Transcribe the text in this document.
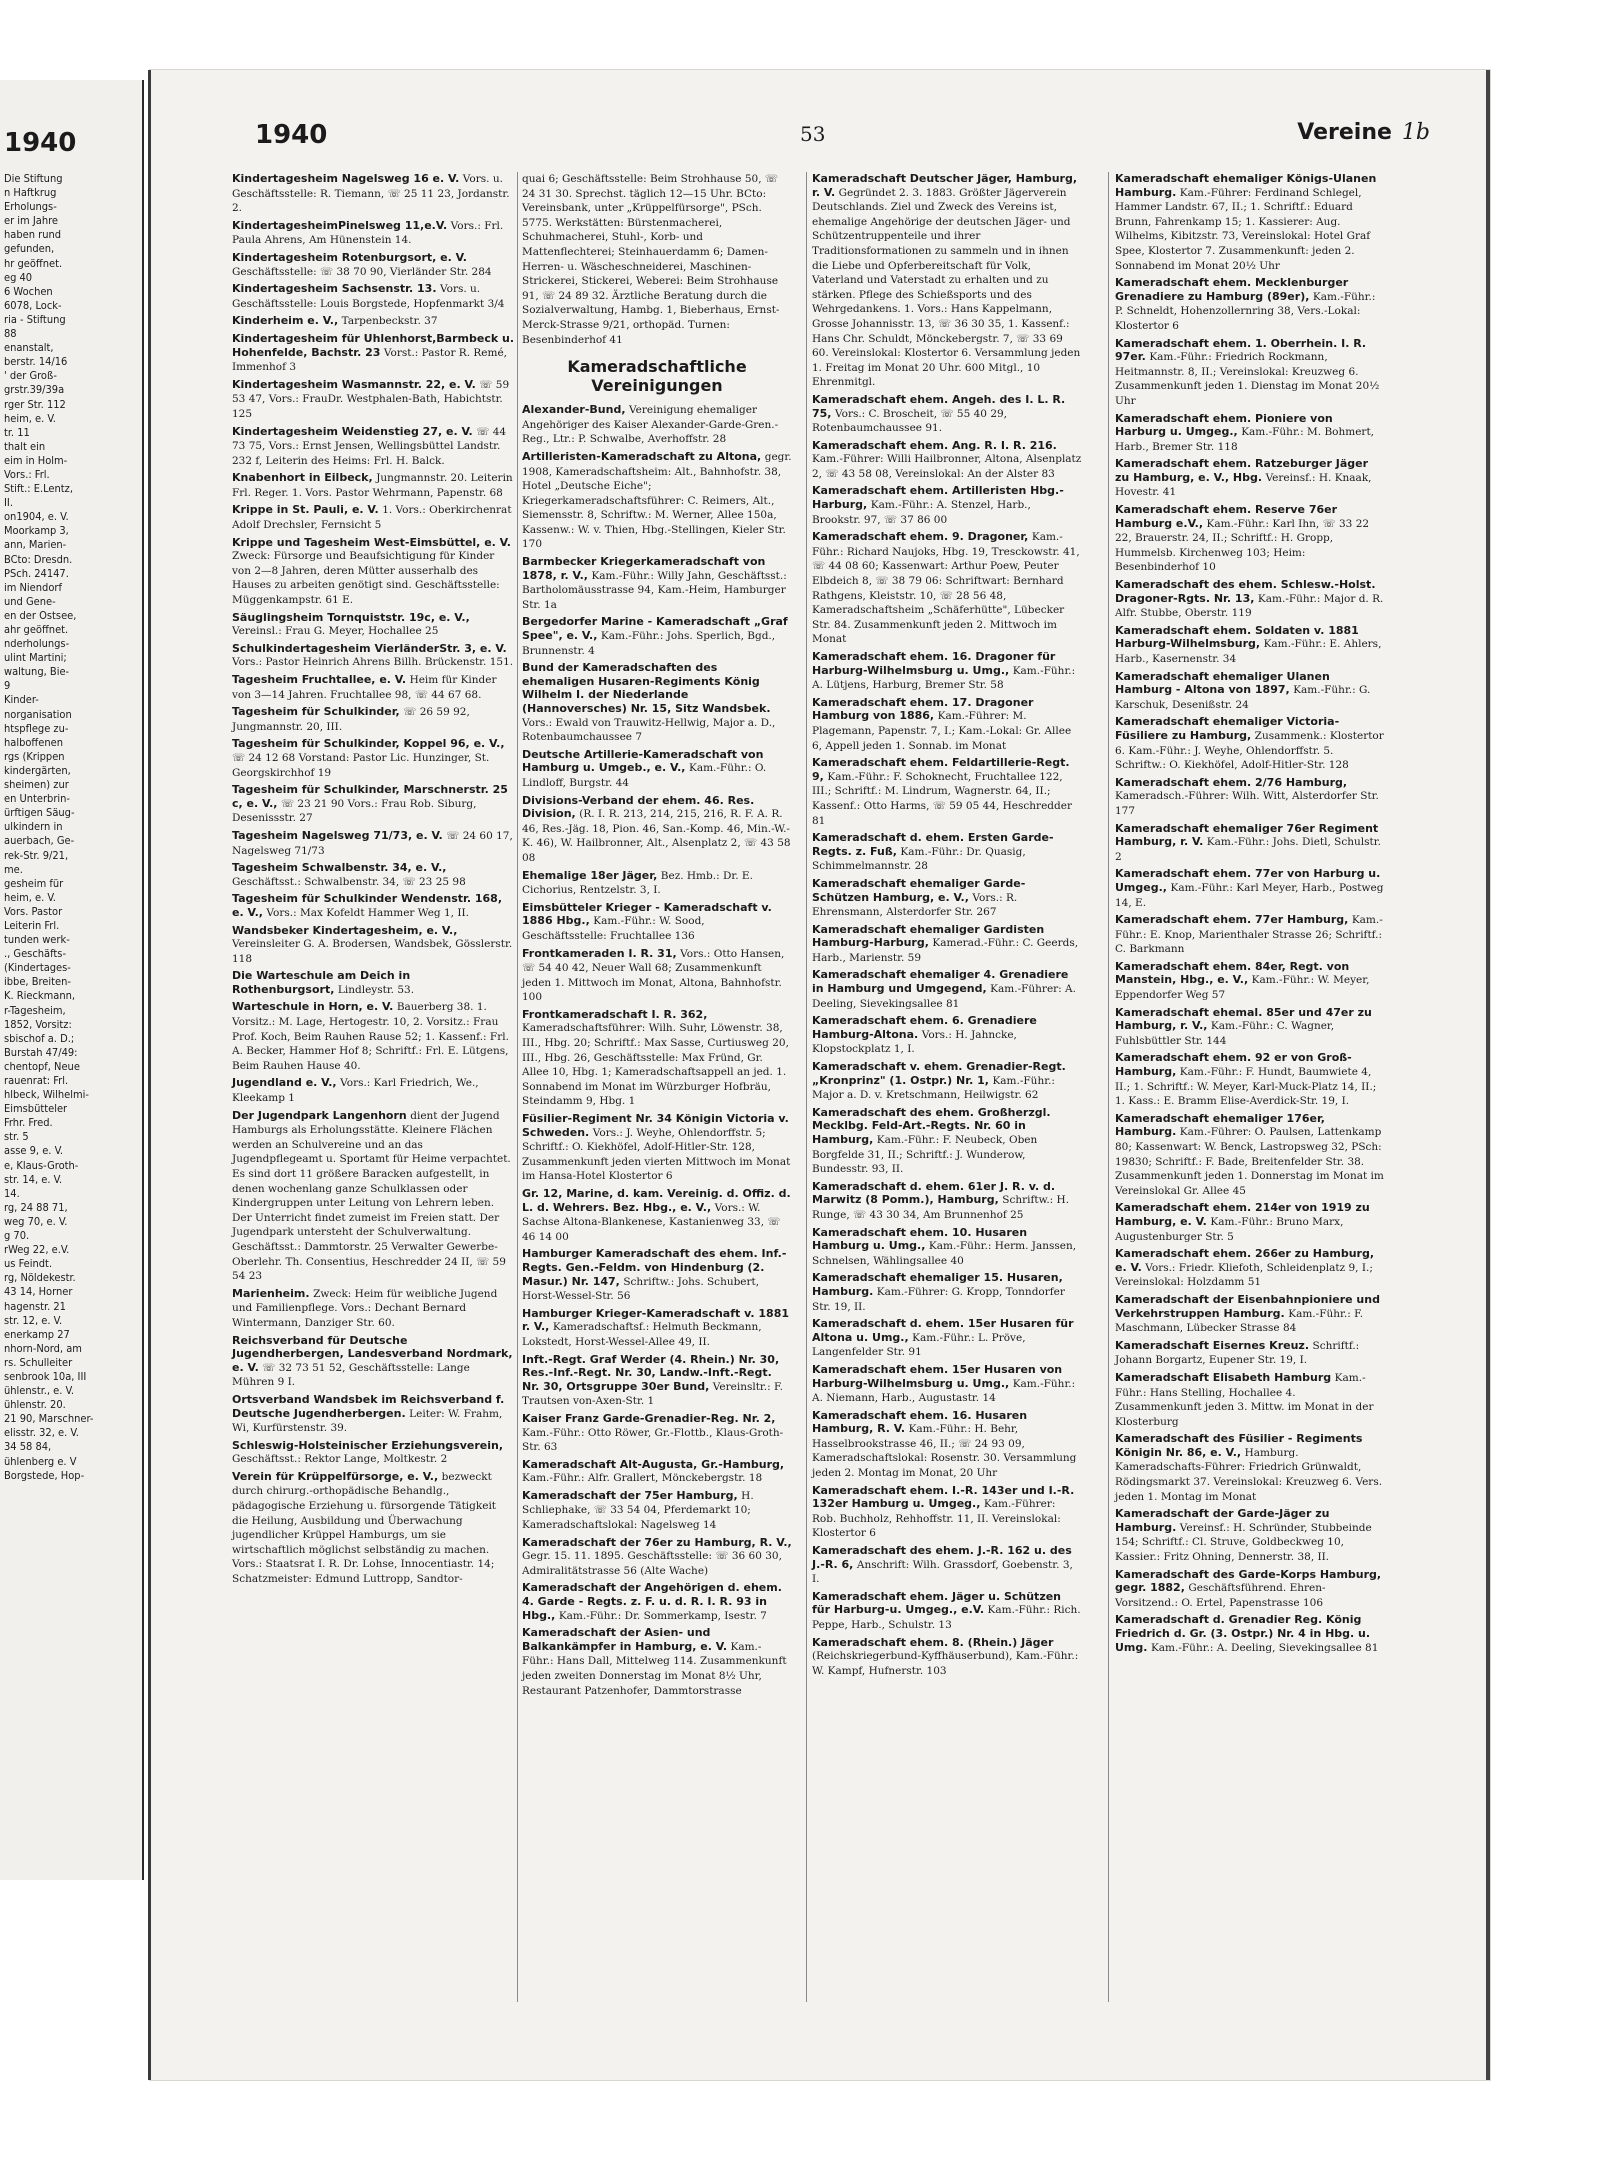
1940
Die Stiftung
n Haftkrug
Erholungs-
er im Jahre
haben rund
gefunden,
hr geöffnet.
eg 40
6 Wochen
6078, Lock-
ria - Stiftung
88
enanstalt,
berstr. 14/16
' der Groß-
grstr.39/39a
rger Str. 112
heim, e. V.
tr. 11
thalt ein
eim in Holm-
Vors.: Frl.
Stift.: E.Lentz,
II.
on1904, e. V.
Moorkamp 3,
ann, Marien-
BCto: Dresdn.
PSch. 24147.
im Niendorf
und Gene-
en der Ostsee,
ahr geöffnet.
nderholungs-
ulint Martini;
waltung, Bie-
9
Kinder-
norganisation
htspflege zu-
halboffenen
rgs (Krippen
kindergärten,
sheimen) zur
en Unterbrin-
ürftigen Säug-
ulkindern in
auerbach, Ge-
rek-Str. 9/21,
me.
gesheim für
heim, e. V.
Vors. Pastor
Leiterin Frl.
tunden werk-
., Geschäfts-
(Kindertages-
ibbe, Breiten-
K. Rieckmann,
r-Tagesheim,
1852, Vorsitz:
sbischof a. D.;
Burstah 47/49:
chentopf, Neue
rauenrat: Frl.
hlbeck, Wilhelmi-
Eimsbütteler
Frhr. Fred.
str. 5
asse 9, e. V.
e, Klaus-Groth-
str. 14, e. V.
14.
rg, 24 88 71,
weg 70, e. V.
g 70.
rWeg 22, e.V.
us Feindt.
rg, Nöldekestr.
43 14, Horner
hagenstr. 21
str. 12, e. V.
enerkamp 27
nhorn-Nord, am
rs. Schulleiter
senbrook 10a, III
ühlenstr., e. V.
ühlenstr. 20.
21 90, Marschner-
elisstr. 32, e. V.
34 58 84,
ühlenberg e. V
Borgstede, Hop-
1940	53	Vereine 1b
Kindertagesheim Nagelsweg 16 e. V. Vors. u. Geschäftsstelle: R. Tiemann, ☏ 25 11 23, Jordanstr. 2.
KindertagesheimPinelsweg 11,e.V. Vors.: Frl. Paula Ahrens, Am Hünenstein 14.
Kindertagesheim Rotenburgsort, e. V. Geschäftsstelle: ☏ 38 70 90, Vierländer Str. 284
Kindertagesheim Sachsenstr. 13. Vors. u. Geschäftsstelle: Louis Borgstede, Hopfenmarkt 3/4
Kinderheim e. V., Tarpenbeckstr. 37
Kindertagesheim für Uhlenhorst,Barmbeck u. Hohenfelde, Bachstr. 23 Vorst.: Pastor R. Remé, Immenhof 3
Kindertagesheim Wasmannstr. 22, e. V. ☏ 59 53 47, Vors.: FrauDr. Westphalen-Bath, Habichtstr. 125
Kindertagesheim Weidenstieg 27, e. V. ☏ 44 73 75, Vors.: Ernst Jensen, Wellingsbüttel Landstr. 232 f, Leiterin des Heims: Frl. H. Balck.
Knabenhort in Eilbeck, Jungmannstr. 20. Leiterin Frl. Reger. 1. Vors. Pastor Wehrmann, Papenstr. 68
Krippe in St. Pauli, e. V. 1. Vors.: Oberkirchenrat Adolf Drechsler, Fernsicht 5
Krippe und Tagesheim West-Eimsbüttel, e. V. Zweck: Fürsorge und Beaufsichtigung für Kinder von 2—8 Jahren, deren Mütter ausserhalb des Hauses zu arbeiten genötigt sind. Geschäftsstelle: Müggenkampstr. 61 E.
Säuglingsheim Tornquiststr. 19c, e. V., Vereinsl.: Frau G. Meyer, Hochallee 25
Schulkindertagesheim VierländerStr. 3, e. V. Vors.: Pastor Heinrich Ahrens Billh. Brückenstr. 151.
Tagesheim Fruchtallee, e. V. Heim für Kinder von 3—14 Jahren. Fruchtallee 98, ☏ 44 67 68.
Tagesheim für Schulkinder, ☏ 26 59 92, Jungmannstr. 20, III.
Tagesheim für Schulkinder, Koppel 96, e. V., ☏ 24 12 68 Vorstand: Pastor Lic. Hunzinger, St. Georgskirchhof 19
Tagesheim für Schulkinder, Marschnerstr. 25 c, e. V., ☏ 23 21 90 Vors.: Frau Rob. Siburg, Desenissstr. 27
Tagesheim Nagelsweg 71/73, e. V. ☏ 24 60 17, Nagelsweg 71/73
Tagesheim Schwalbenstr. 34, e. V., Geschäftsst.: Schwalbenstr. 34, ☏ 23 25 98
Tagesheim für Schulkinder Wendenstr. 168, e. V., Vors.: Max Kofeldt Hammer Weg 1, II.
Wandsbeker Kindertagesheim, e. V., Vereinsleiter G. A. Brodersen, Wandsbek, Gösslerstr. 118
Die Warteschule am Deich in Rothenburgsort, Lindleystr. 53.
Warteschule in Horn, e. V. Bauerberg 38. 1. Vorsitz.: M. Lage, Hertogestr. 10, 2. Vorsitz.: Frau Prof. Koch, Beim Rauhen Rause 52; 1. Kassenf.: Frl. A. Becker, Hammer Hof 8; Schriftf.: Frl. E. Lütgens, Beim Rauhen Hause 40.
Jugendland e. V., Vors.: Karl Friedrich, We., Kleekamp 1
Der Jugendpark Langenhorn dient der Jugend Hamburgs als Erholungsstätte. Kleinere Flächen werden an Schulvereine und an das Jugendpflegeamt u. Sportamt für Heime verpachtet. Es sind dort 11 größere Baracken aufgestellt, in denen wochenlang ganze Schulklassen oder Kindergruppen unter Leitung von Lehrern leben. Der Unterricht findet zumeist im Freien statt. Der Jugendpark untersteht der Schulverwaltung. Geschäftsst.: Dammtorstr. 25 Verwalter Gewerbe-Oberlehr. Th. Consentius, Heschredder 24 II, ☏ 59 54 23
Marienheim. Zweck: Heim für weibliche Jugend und Familienpflege. Vors.: Dechant Bernard Wintermann, Danziger Str. 60.
Reichsverband für Deutsche Jugendherbergen, Landesverband Nordmark, e. V. ☏ 32 73 51 52, Geschäftsstelle: Lange Mühren 9 I.
Ortsverband Wandsbek im Reichsverband f. Deutsche Jugendherbergen. Leiter: W. Frahm, Wi, Kurfürstenstr. 39.
Schleswig-Holsteinischer Erziehungsverein, Geschäftsst.: Rektor Lange, Moltkestr. 2
Verein für Krüppelfürsorge, e. V., bezweckt durch chirurg.-orthopädische Behandlg., pädagogische Erziehung u. fürsorgende Tätigkeit die Heilung, Ausbildung und Überwachung jugendlicher Krüppel Hamburgs, um sie wirtschaftlich möglichst selbständig zu machen. Vors.: Staatsrat I. R. Dr. Lohse, Innocentiastr. 14; Schatzmeister: Edmund Luttropp, Sandtor-
quai 6; Geschäftsstelle: Beim Strohhause 50, ☏ 24 31 30. Sprechst. täglich 12—15 Uhr. BCto: Vereinsbank, unter „Krüppelfürsorge", PSch. 5775. Werkstätten: Bürstenmacherei, Schuhmacherei, Stuhl-, Korb- und Mattenflechterei; Steinhauerdamm 6; Damen-Herren- u. Wäscheschneiderei, Maschinen-Strickerei, Stickerei, Weberei: Beim Strohhause 91, ☏ 24 89 32. Ärztliche Beratung durch die Sozialverwaltung, Hambg. 1, Bieberhaus, Ernst-Merck-Strasse 9/21, orthopäd. Turnen: Besenbinderhof 41
Kameradschaftliche Vereinigungen
Alexander-Bund, Vereinigung ehemaliger Angehöriger des Kaiser Alexander-Garde-Gren.-Reg., Ltr.: P. Schwalbe, Averhoffstr. 28
Artilleristen-Kameradschaft zu Altona, gegr. 1908, Kameradschaftsheim: Alt., Bahnhofstr. 38, Hotel „Deutsche Eiche"; Kriegerkameradschaftsführer: C. Reimers, Alt., Siemensstr. 8, Schriftw.: M. Werner, Allee 150a, Kassenw.: W. v. Thien, Hbg.-Stellingen, Kieler Str. 170
Barmbecker Kriegerkameradschaft von 1878, r. V., Kam.-Führ.: Willy Jahn, Geschäftsst.: Bartholomäusstrasse 94, Kam.-Heim, Hamburger Str. 1a
Bergedorfer Marine - Kameradschaft „Graf Spee", e. V., Kam.-Führ.: Johs. Sperlich, Bgd., Brunnenstr. 4
Bund der Kameradschaften des ehemaligen Husaren-Regiments König Wilhelm I. der Niederlande (Hannoversches) Nr. 15, Sitz Wandsbek. Vors.: Ewald von Trauwitz-Hellwig, Major a. D., Rotenbaumchaussee 7
Deutsche Artillerie-Kameradschaft von Hamburg u. Umgeb., e. V., Kam.-Führ.: O. Lindloff, Burgstr. 44
Divisions-Verband der ehem. 46. Res. Division, (R. I. R. 213, 214, 215, 216, R. F. A. R. 46, Res.-Jäg. 18, Pion. 46, San.-Komp. 46, Min.-W.-K. 46), W. Hailbronner, Alt., Alsenplatz 2, ☏ 43 58 08
Ehemalige 18er Jäger, Bez. Hmb.: Dr. E. Cichorius, Rentzelstr. 3, I.
Eimsbütteler Krieger - Kameradschaft v. 1886 Hbg., Kam.-Führ.: W. Sood, Geschäftsstelle: Fruchtallee 136
Frontkameraden I. R. 31, Vors.: Otto Hansen, ☏ 54 40 42, Neuer Wall 68; Zusammenkunft jeden 1. Mittwoch im Monat, Altona, Bahnhofstr. 100
Frontkameradschaft I. R. 362, Kameradschaftsführer: Wilh. Suhr, Löwenstr. 38, III., Hbg. 20; Schriftf.: Max Sasse, Curtiusweg 20, III., Hbg. 26, Geschäftsstelle: Max Fründ, Gr. Allee 10, Hbg. 1; Kameradschaftsappell an jed. 1. Sonnabend im Monat im Würzburger Hofbräu, Steindamm 9, Hbg. 1
Füsilier-Regiment Nr. 34 Königin Victoria v. Schweden. Vors.: J. Weyhe, Ohlendorffstr. 5; Schriftf.: O. Kiekhöfel, Adolf-Hitler-Str. 128, Zusammenkunft jeden vierten Mittwoch im Monat im Hansa-Hotel Klostertor 6
Gr. 12, Marine, d. kam. Vereinig. d. Offiz. d. L. d. Wehrers. Bez. Hbg., e. V., Vors.: W. Sachse Altona-Blankenese, Kastanienweg 33, ☏ 46 14 00
Hamburger Kameradschaft des ehem. Inf.-Regts. Gen.-Feldm. von Hindenburg (2. Masur.) Nr. 147, Schriftw.: Johs. Schubert, Horst-Wessel-Str. 56
Hamburger Krieger-Kameradschaft v. 1881 r. V., Kameradschaftsf.: Helmuth Beckmann, Lokstedt, Horst-Wessel-Allee 49, II.
Inft.-Regt. Graf Werder (4. Rhein.) Nr. 30, Res.-Inf.-Regt. Nr. 30, Landw.-Inft.-Regt. Nr. 30, Ortsgruppe 30er Bund, Vereinsltr.: F. Trautsen von-Axen-Str. 1
Kaiser Franz Garde-Grenadier-Reg. Nr. 2, Kam.-Führ.: Otto Röwer, Gr.-Flottb., Klaus-Groth-Str. 63
Kameradschaft Alt-Augusta, Gr.-Hamburg, Kam.-Führ.: Alfr. Grallert, Mönckebergstr. 18
Kameradschaft der 75er Hamburg, H. Schliephake, ☏ 33 54 04, Pferdemarkt 10; Kameradschaftslokal: Nagelsweg 14
Kameradschaft der 76er zu Hamburg, R. V., Gegr. 15. 11. 1895. Geschäftsstelle: ☏ 36 60 30, Admiralitätstrasse 56 (Alte Wache)
Kameradschaft der Angehörigen d. ehem. 4. Garde - Regts. z. F. u. d. R. I. R. 93 in Hbg., Kam.-Führ.: Dr. Sommerkamp, Isestr. 7
Kameradschaft der Asien- und Balkankämpfer in Hamburg, e. V. Kam.-Führ.: Hans Dall, Mittelweg 114. Zusammenkunft jeden zweiten Donnerstag im Monat 8½ Uhr, Restaurant Patzenhofer, Dammtorstrasse
Kameradschaft Deutscher Jäger, Hamburg, r. V. Gegründet 2. 3. 1883. Größter Jägerverein Deutschlands. Ziel und Zweck des Vereins ist, ehemalige Angehörige der deutschen Jäger- und Schützentruppenteile und ihrer Traditionsformationen zu sammeln und in ihnen die Liebe und Opferbereitschaft für Volk, Vaterland und Vaterstadt zu erhalten und zu stärken. Pflege des Schießsports und des Wehrgedankens. 1. Vors.: Hans Kappelmann, Grosse Johannisstr. 13, ☏ 36 30 35, 1. Kassenf.: Hans Chr. Schuldt, Mönckebergstr. 7, ☏ 33 69 60. Vereinslokal: Klostertor 6. Versammlung jeden 1. Freitag im Monat 20 Uhr. 600 Mitgl., 10 Ehrenmitgl.
Kameradschaft ehem. Angeh. des I. L. R. 75, Vors.: C. Broscheit, ☏ 55 40 29, Rotenbaumchaussee 91.
Kameradschaft ehem. Ang. R. I. R. 216. Kam.-Führer: Willi Hailbronner, Altona, Alsenplatz 2, ☏ 43 58 08, Vereinslokal: An der Alster 83
Kameradschaft ehem. Artilleristen Hbg.-Harburg, Kam.-Führ.: A. Stenzel, Harb., Brookstr. 97, ☏ 37 86 00
Kameradschaft ehem. 9. Dragoner, Kam.-Führ.: Richard Naujoks, Hbg. 19, Tresckowstr. 41, ☏ 44 08 60; Kassenwart: Arthur Poew, Peuter Elbdeich 8, ☏ 38 79 06: Schriftwart: Bernhard Rathgens, Kleiststr. 10, ☏ 28 56 48, Kameradschaftsheim „Schäferhütte", Lübecker Str. 84. Zusammenkunft jeden 2. Mittwoch im Monat
Kameradschaft ehem. 16. Dragoner für Harburg-Wilhelmsburg u. Umg., Kam.-Führ.: A. Lütjens, Harburg, Bremer Str. 58
Kameradschaft ehem. 17. Dragoner Hamburg von 1886, Kam.-Führer: M. Plagemann, Papenstr. 7, I.; Kam.-Lokal: Gr. Allee 6, Appell jeden 1. Sonnab. im Monat
Kameradschaft ehem. Feldartillerie-Regt. 9, Kam.-Führ.: F. Schoknecht, Fruchtallee 122, III.; Schriftf.: M. Lindrum, Wagnerstr. 64, II.; Kassenf.: Otto Harms, ☏ 59 05 44, Heschredder 81
Kameradschaft d. ehem. Ersten Garde-Regts. z. Fuß, Kam.-Führ.: Dr. Quasig, Schimmelmannstr. 28
Kameradschaft ehemaliger Garde-Schützen Hamburg, e. V., Vors.: R. Ehrensmann, Alsterdorfer Str. 267
Kameradschaft ehemaliger Gardisten Hamburg-Harburg, Kamerad.-Führ.: C. Geerds, Harb., Marienstr. 59
Kameradschaft ehemaliger 4. Grenadiere in Hamburg und Umgegend, Kam.-Führer: A. Deeling, Sievekingsallee 81
Kameradschaft ehem. 6. Grenadiere Hamburg-Altona. Vors.: H. Jahncke, Klopstockplatz 1, I.
Kameradschaft v. ehem. Grenadier-Regt. „Kronprinz" (1. Ostpr.) Nr. 1, Kam.-Führ.: Major a. D. v. Kretschmann, Heilwigstr. 62
Kameradschaft des ehem. Großherzgl. Mecklbg. Feld-Art.-Regts. Nr. 60 in Hamburg, Kam.-Führ.: F. Neubeck, Oben Borgfelde 31, II.; Schriftf.: J. Wunderow, Bundesstr. 93, II.
Kameradschaft d. ehem. 61er J. R. v. d. Marwitz (8 Pomm.), Hamburg, Schriftw.: H. Runge, ☏ 43 30 34, Am Brunnenhof 25
Kameradschaft ehem. 10. Husaren Hamburg u. Umg., Kam.-Führ.: Herm. Janssen, Schnelsen, Wählingsallee 40
Kameradschaft ehemaliger 15. Husaren, Hamburg. Kam.-Führer: G. Kropp, Tonndorfer Str. 19, II.
Kameradschaft d. ehem. 15er Husaren für Altona u. Umg., Kam.-Führ.: L. Pröve, Langenfelder Str. 91
Kameradschaft ehem. 15er Husaren von Harburg-Wilhelmsburg u. Umg., Kam.-Führ.: A. Niemann, Harb., Augustastr. 14
Kameradschaft ehem. 16. Husaren Hamburg, R. V. Kam.-Führ.: H. Behr, Hasselbrookstrasse 46, II.; ☏ 24 93 09, Kameradschaftslokal: Rosenstr. 30. Versammlung jeden 2. Montag im Monat, 20 Uhr
Kameradschaft ehem. I.-R. 143er und I.-R. 132er Hamburg u. Umgeg., Kam.-Führer: Rob. Buchholz, Rehhoffstr. 11, II. Vereinslokal: Klostertor 6
Kameradschaft des ehem. J.-R. 162 u. des J.-R. 6, Anschrift: Wilh. Grassdorf, Goebenstr. 3, I.
Kameradschaft ehem. Jäger u. Schützen für Harburg-u. Umgeg., e.V. Kam.-Führ.: Rich. Peppe, Harb., Schulstr. 13
Kameradschaft ehem. 8. (Rhein.) Jäger (Reichskriegerbund-Kyffhäuserbund), Kam.-Führ.: W. Kampf, Hufnerstr. 103
Kameradschaft ehemaliger Königs-Ulanen Hamburg. Kam.-Führer: Ferdinand Schlegel, Hammer Landstr. 67, II.; 1. Schriftf.: Eduard Brunn, Fahrenkamp 15; 1. Kassierer: Aug. Wilhelms, Kibitzstr. 73, Vereinslokal: Hotel Graf Spee, Klostertor 7. Zusammenkunft: jeden 2. Sonnabend im Monat 20½ Uhr
Kameradschaft ehem. Mecklenburger Grenadiere zu Hamburg (89er), Kam.-Führ.: P. Schneldt, Hohenzollernring 38, Vers.-Lokal: Klostertor 6
Kameradschaft ehem. 1. Oberrhein. I. R. 97er. Kam.-Führ.: Friedrich Rockmann, Heitmannstr. 8, II.; Vereinslokal: Kreuzweg 6. Zusammenkunft jeden 1. Dienstag im Monat 20½ Uhr
Kameradschaft ehem. Pioniere von Harburg u. Umgeg., Kam.-Führ.: M. Bohmert, Harb., Bremer Str. 118
Kameradschaft ehem. Ratzeburger Jäger zu Hamburg, e. V., Hbg. Vereinsf.: H. Knaak, Hovestr. 41
Kameradschaft ehem. Reserve 76er Hamburg e.V., Kam.-Führ.: Karl Ihn, ☏ 33 22 22, Brauerstr. 24, II.; Schriftf.: H. Gropp, Hummelsb. Kirchenweg 103; Heim: Besenbinderhof 10
Kameradschaft des ehem. Schlesw.-Holst. Dragoner-Rgts. Nr. 13, Kam.-Führ.: Major d. R. Alfr. Stubbe, Oberstr. 119
Kameradschaft ehem. Soldaten v. 1881 Harburg-Wilhelmsburg, Kam.-Führ.: E. Ahlers, Harb., Kasernenstr. 34
Kameradschaft ehemaliger Ulanen Hamburg - Altona von 1897, Kam.-Führ.: G. Karschuk, Desenißstr. 24
Kameradschaft ehemaliger Victoria-Füsiliere zu Hamburg, Zusammenk.: Klostertor 6. Kam.-Führ.: J. Weyhe, Ohlendorffstr. 5. Schriftw.: O. Kiekhöfel, Adolf-Hitler-Str. 128
Kameradschaft ehem. 2/76 Hamburg, Kameradsch.-Führer: Wilh. Witt, Alsterdorfer Str. 177
Kameradschaft ehemaliger 76er Regiment Hamburg, r. V. Kam.-Führ.: Johs. Dietl, Schulstr. 2
Kameradschaft ehem. 77er von Harburg u. Umgeg., Kam.-Führ.: Karl Meyer, Harb., Postweg 14, E.
Kameradschaft ehem. 77er Hamburg, Kam.-Führ.: E. Knop, Marienthaler Strasse 26; Schriftf.: C. Barkmann
Kameradschaft ehem. 84er, Regt. von Manstein, Hbg., e. V., Kam.-Führ.: W. Meyer, Eppendorfer Weg 57
Kameradschaft ehemal. 85er und 47er zu Hamburg, r. V., Kam.-Führ.: C. Wagner, Fuhlsbüttler Str. 144
Kameradschaft ehem. 92 er von Groß-Hamburg, Kam.-Führ.: F. Hundt, Baumwiete 4, II.; 1. Schriftf.: W. Meyer, Karl-Muck-Platz 14, II.; 1. Kass.: E. Bramm Elise-Averdick-Str. 19, I.
Kameradschaft ehemaliger 176er, Hamburg. Kam.-Führer: O. Paulsen, Lattenkamp 80; Kassenwart: W. Benck, Lastropsweg 32, PSch: 19830; Schriftf.: F. Bade, Breitenfelder Str. 38. Zusammenkunft jeden 1. Donnerstag im Monat im Vereinslokal Gr. Allee 45
Kameradschaft ehem. 214er von 1919 zu Hamburg, e. V. Kam.-Führ.: Bruno Marx, Augustenburger Str. 5
Kameradschaft ehem. 266er zu Hamburg, e. V. Vors.: Friedr. Kliefoth, Schleidenplatz 9, I.; Vereinslokal: Holzdamm 51
Kameradschaft der Eisenbahnpioniere und Verkehrstruppen Hamburg. Kam.-Führ.: F. Maschmann, Lübecker Strasse 84
Kameradschaft Eisernes Kreuz. Schriftf.: Johann Borgartz, Eupener Str. 19, I.
Kameradschaft Elisabeth Hamburg Kam.-Führ.: Hans Stelling, Hochallee 4. Zusammenkunft jeden 3. Mittw. im Monat in der Klosterburg
Kameradschaft des Füsilier - Regiments Königin Nr. 86, e. V., Hamburg. Kameradschafts-Führer: Friedrich Grünwaldt, Rödingsmarkt 37. Vereinslokal: Kreuzweg 6. Vers. jeden 1. Montag im Monat
Kameradschaft der Garde-Jäger zu Hamburg. Vereinsf.: H. Schründer, Stubbeinde 154; Schriftf.: Cl. Struve, Goldbeckweg 10, Kassier.: Fritz Ohning, Dennerstr. 38, II.
Kameradschaft des Garde-Korps Hamburg, gegr. 1882, Geschäftsführend. Ehren-Vorsitzend.: O. Ertel, Papenstrasse 106
Kameradschaft d. Grenadier Reg. König Friedrich d. Gr. (3. Ostpr.) Nr. 4 in Hbg. u. Umg. Kam.-Führ.: A. Deeling, Sievekingsallee 81
